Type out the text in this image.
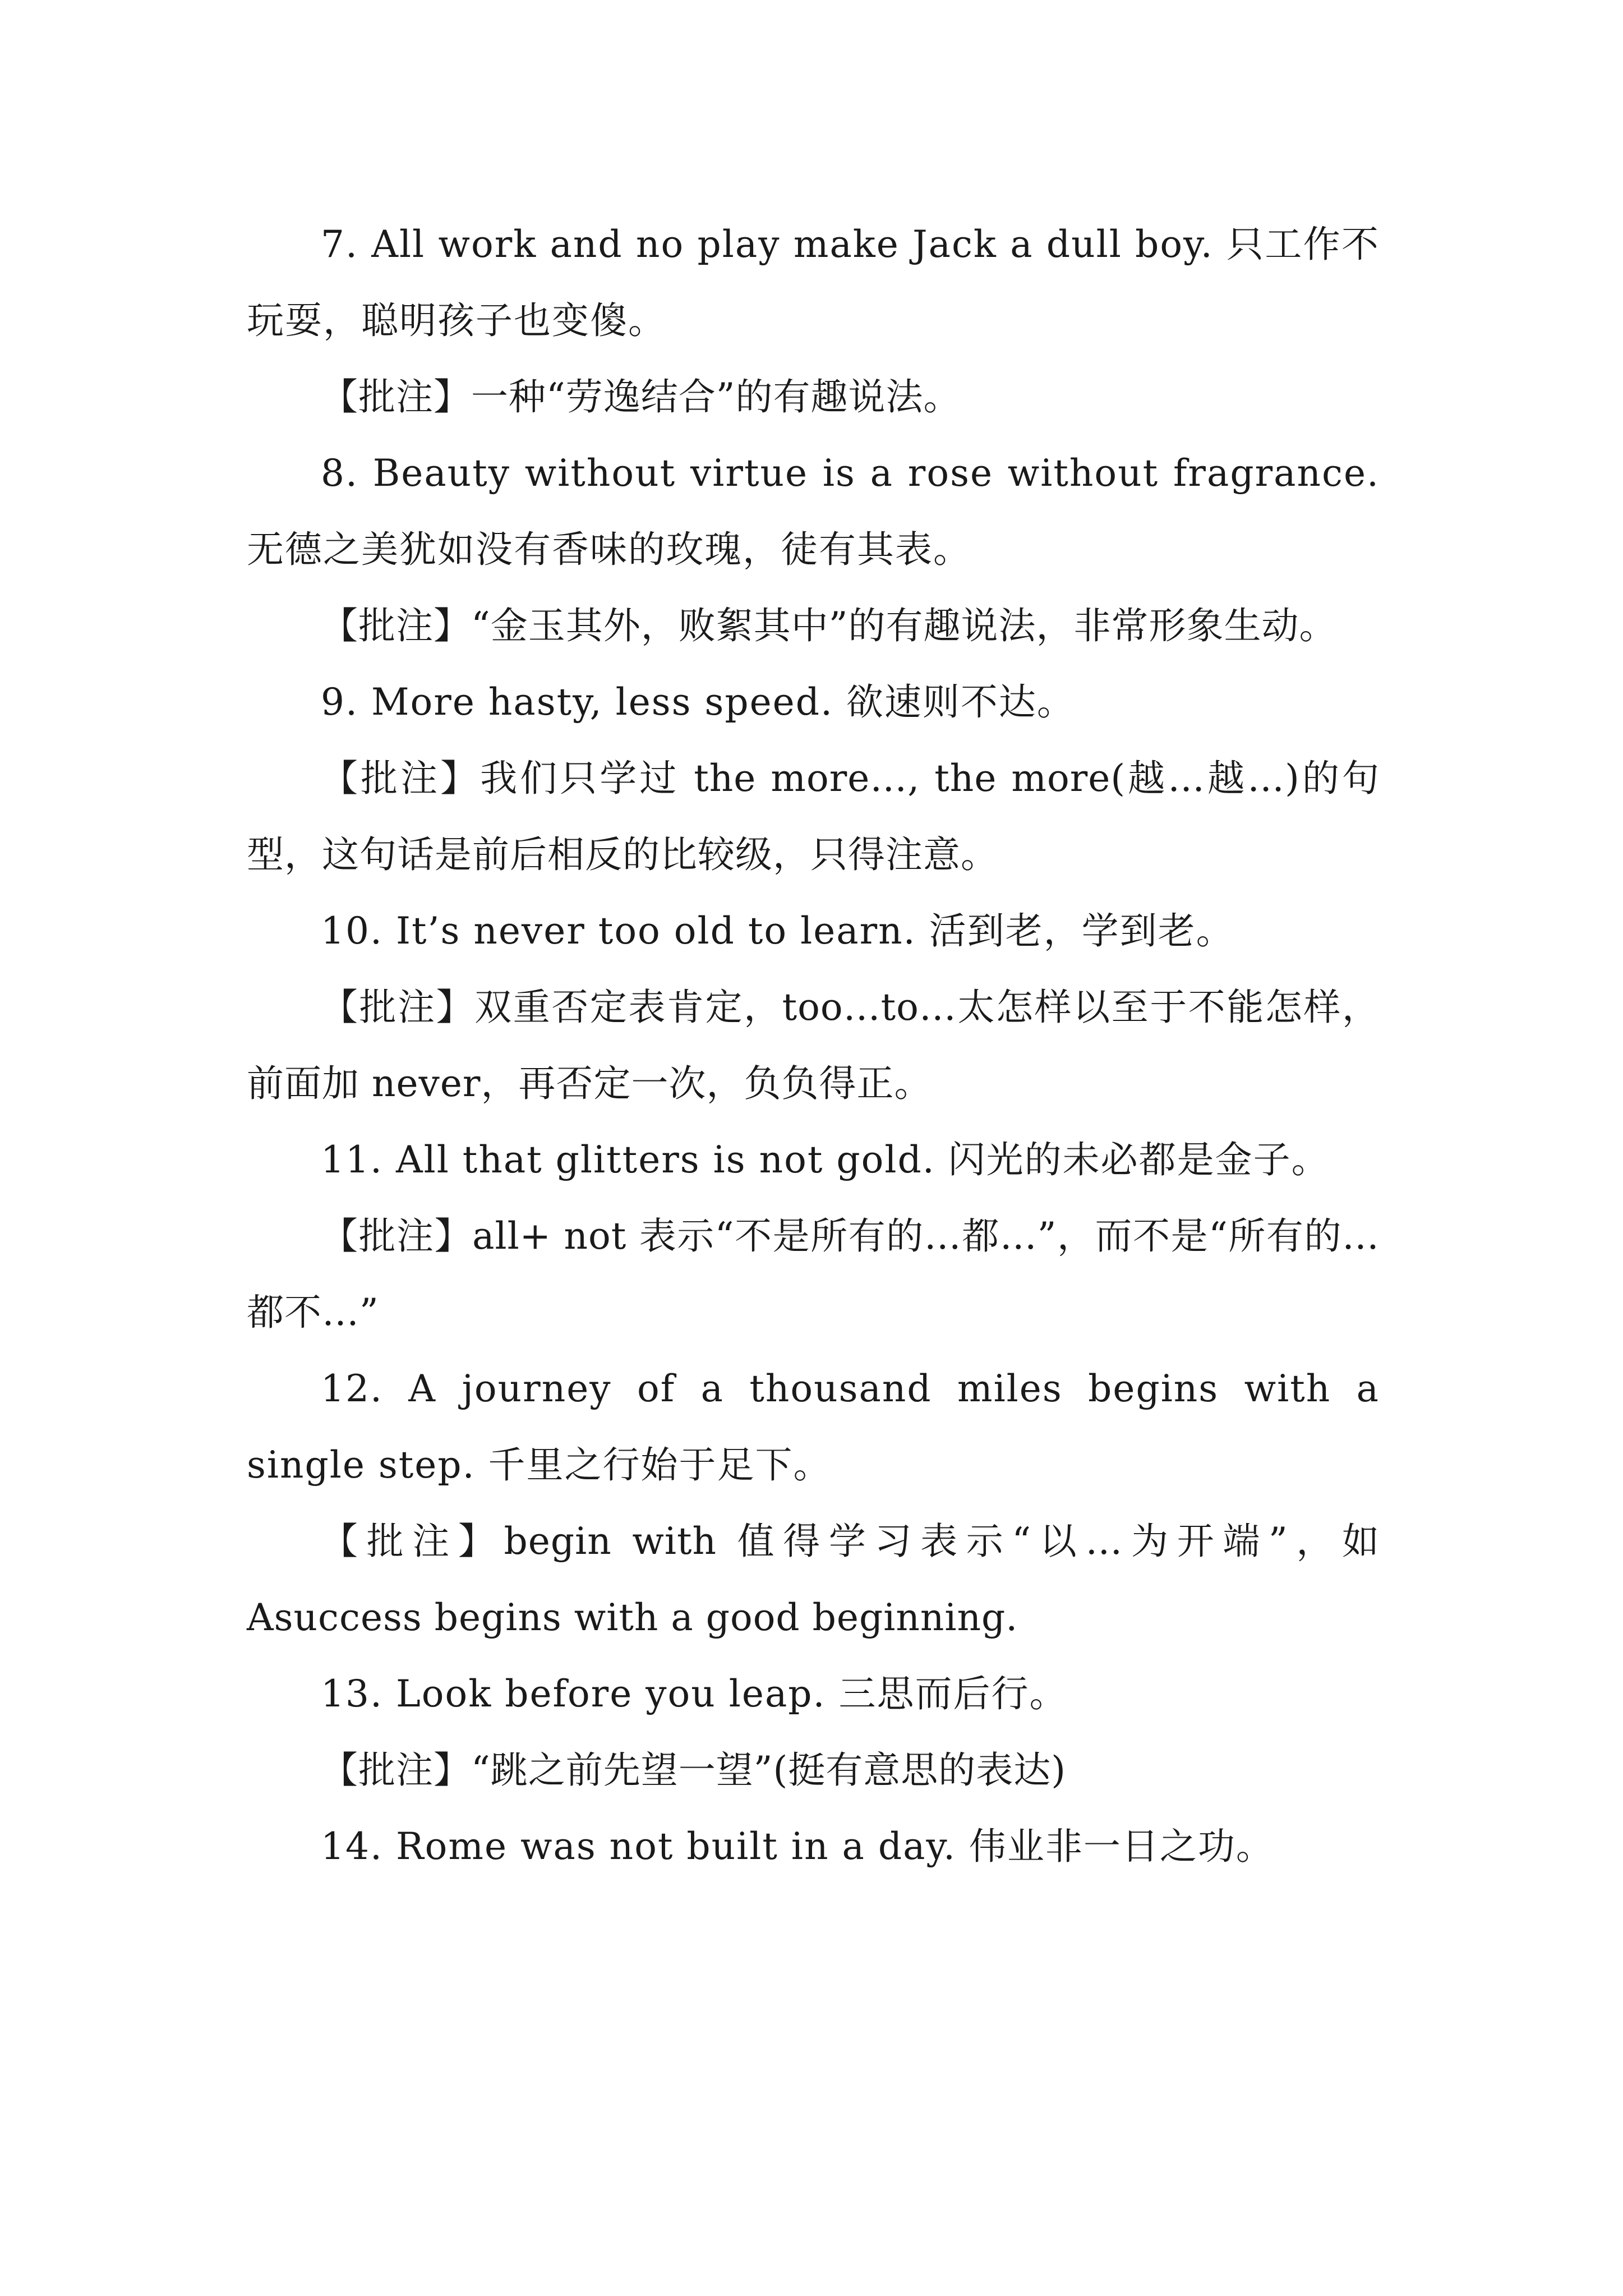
7. All work and no play make Jack a dull boy. 只工作不玩耍，聪明孩子也变傻。

【批注】一种“劳逸结合”的有趣说法。

8. Beauty without virtue is a rose without fragrance. 无德之美犹如没有香味的玫瑰，徒有其表。

【批注】“金玉其外，败絮其中”的有趣说法，非常形象生动。

9. More hasty, less speed. 欲速则不达。

【批注】我们只学过 the more…, the more(越…越…)的句型，这句话是前后相反的比较级，只得注意。

10. It’s never too old to learn. 活到老，学到老。

【批注】双重否定表肯定，too…to…太怎样以至于不能怎样，前面加 never，再否定一次，负负得正。

11. All that glitters is not gold. 闪光的未必都是金子。

【批注】all+ not 表示“不是所有的…都…”，而不是“所有的…都不…”

12. A journey of a thousand miles begins with a single step. 千里之行始于足下。

【批注】begin with 值得学习表示“以…为开端”，如 Asuccess begins with a good beginning.

13. Look before you leap. 三思而后行。

【批注】“跳之前先望一望”(挺有意思的表达)

14. Rome was not built in a day. 伟业非一日之功。
